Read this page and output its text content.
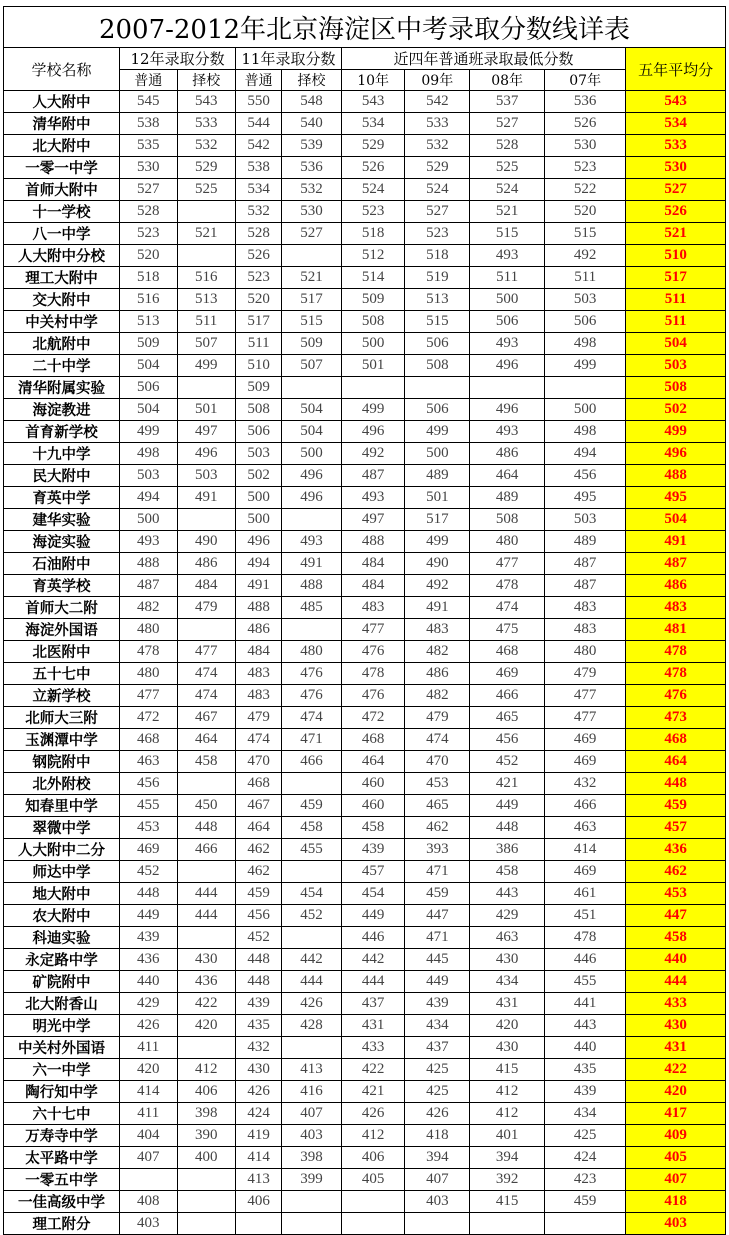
2007-2012年北京海淀区中考录取分数线详表									
学校名称	12年录取分数		11年录取分数		近四年普通班录取最低分数				五年平均分
	普通	择校	普通	择校	10年	09年	08年	07年	
人大附中	545	543	550	548	543	542	537	536	543
清华附中	538	533	544	540	534	533	527	526	534
北大附中	535	532	542	539	529	532	528	530	533
一零一中学	530	529	538	536	526	529	525	523	530
首师大附中	527	525	534	532	524	524	524	522	527
十一学校	528		532	530	523	527	521	520	526
八一中学	523	521	528	527	518	523	515	515	521
人大附中分校	520		526		512	518	493	492	510
理工大附中	518	516	523	521	514	519	511	511	517
交大附中	516	513	520	517	509	513	500	503	511
中关村中学	513	511	517	515	508	515	506	506	511
北航附中	509	507	511	509	500	506	493	498	504
二十中学	504	499	510	507	501	508	496	499	503
清华附属实验	506		509						508
海淀教进	504	501	508	504	499	506	496	500	502
首育新学校	499	497	506	504	496	499	493	498	499
十九中学	498	496	503	500	492	500	486	494	496
民大附中	503	503	502	496	487	489	464	456	488
育英中学	494	491	500	496	493	501	489	495	495
建华实验	500		500		497	517	508	503	504
海淀实验	493	490	496	493	488	499	480	489	491
石油附中	488	486	494	491	484	490	477	487	487
育英学校	487	484	491	488	484	492	478	487	486
首师大二附	482	479	488	485	483	491	474	483	483
海淀外国语	480		486		477	483	475	483	481
北医附中	478	477	484	480	476	482	468	480	478
五十七中	480	474	483	476	478	486	469	479	478
立新学校	477	474	483	476	476	482	466	477	476
北师大三附	472	467	479	474	472	479	465	477	473
玉渊潭中学	468	464	474	471	468	474	456	469	468
钢院附中	463	458	470	466	464	470	452	469	464
北外附校	456		468		460	453	421	432	448
知春里中学	455	450	467	459	460	465	449	466	459
翠微中学	453	448	464	458	458	462	448	463	457
人大附中二分	469	466	462	455	439	393	386	414	436
师达中学	452		462		457	471	458	469	462
地大附中	448	444	459	454	454	459	443	461	453
农大附中	449	444	456	452	449	447	429	451	447
科迪实验	439		452		446	471	463	478	458
永定路中学	436	430	448	442	442	445	430	446	440
矿院附中	440	436	448	444	444	449	434	455	444
北大附香山	429	422	439	426	437	439	431	441	433
明光中学	426	420	435	428	431	434	420	443	430
中关村外国语	411		432		433	437	430	440	431
六一中学	420	412	430	413	422	425	415	435	422
陶行知中学	414	406	426	416	421	425	412	439	420
六十七中	411	398	424	407	426	426	412	434	417
万寿寺中学	404	390	419	403	412	418	401	425	409
太平路中学	407	400	414	398	406	394	394	424	405
一零五中学			413	399	405	407	392	423	407
一佳高级中学	408		406			403	415	459	418
理工附分	403								403
